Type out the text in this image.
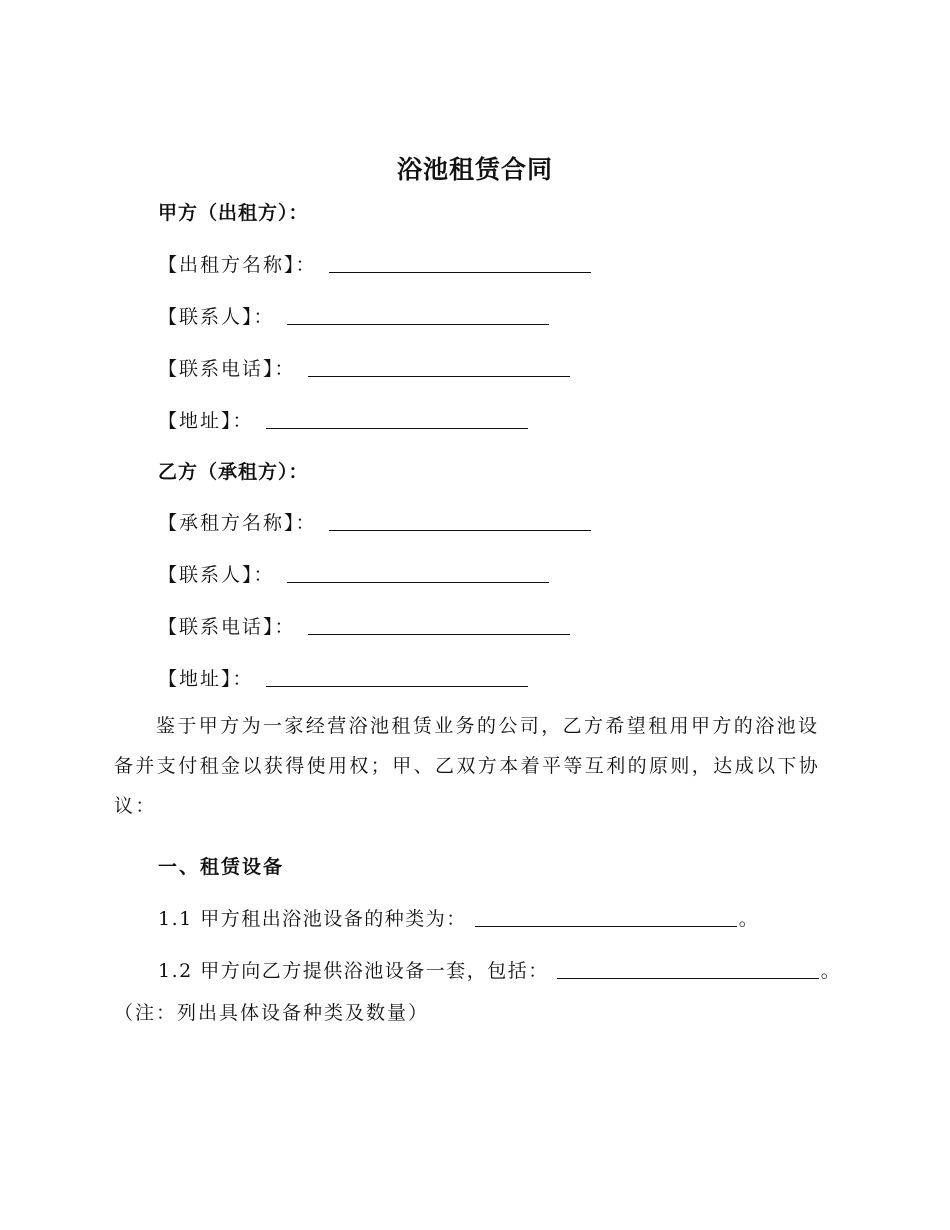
浴池租赁合同
甲方（出租方）：
【出租方名称】：
【联系人】：
【联系电话】：
【地址】：
乙方（承租方）：
【承租方名称】：
【联系人】：
【联系电话】：
【地址】：
鉴于甲方为一家经营浴池租赁业务的公司，乙方希望租用甲方的浴池设备并支付租金以获得使用权；甲、乙双方本着平等互利的原则，达成以下协议：
一、租赁设备
1.1 甲方租出浴池设备的种类为：	。
1.2 甲方向乙方提供浴池设备一套，包括：	。
（注：列出具体设备种类及数量）
